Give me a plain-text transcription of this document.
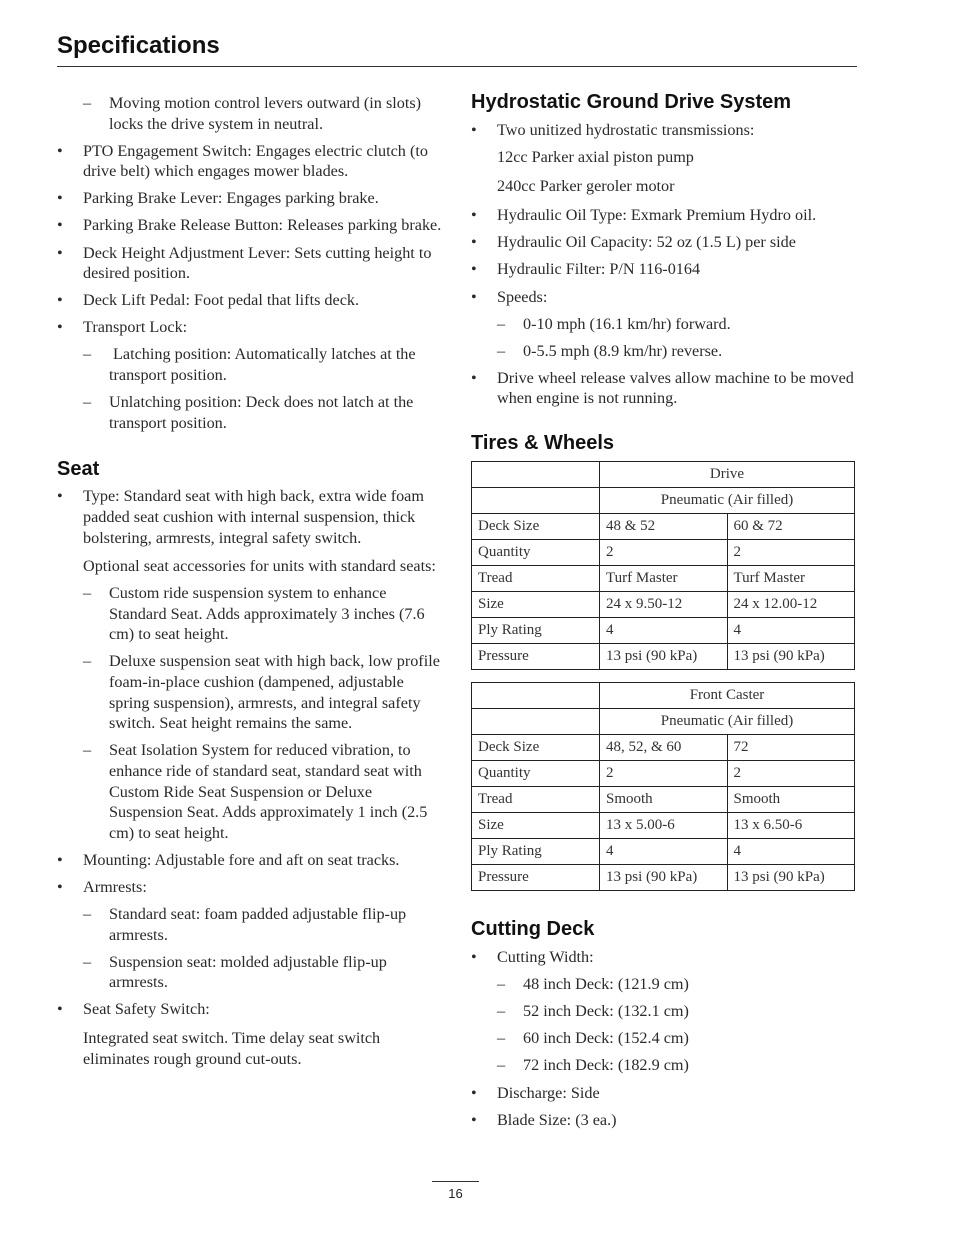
Specifications
–	Moving motion control levers outward (in slots) locks the drive system in neutral.
•	PTO Engagement Switch: Engages electric clutch (to drive belt) which engages mower blades.
•	Parking Brake Lever: Engages parking brake.
•	Parking Brake Release Button: Releases parking brake.
•	Deck Height Adjustment Lever: Sets cutting height to desired position.
•	Deck Lift Pedal: Foot pedal that lifts deck.
•	Transport Lock:
–	Latching position: Automatically latches at the transport position.
–	Unlatching position: Deck does not latch at the transport position.
Seat
•	Type: Standard seat with high back, extra wide foam padded seat cushion with internal suspension, thick bolstering, armrests, integral safety switch.
Optional seat accessories for units with standard seats:
–	Custom ride suspension system to enhance Standard Seat. Adds approximately 3 inches (7.6 cm) to seat height.
–	Deluxe suspension seat with high back, low profile foam-in-place cushion (dampened, adjustable spring suspension), armrests, and integral safety switch. Seat height remains the same.
–	Seat Isolation System for reduced vibration, to enhance ride of standard seat, standard seat with Custom Ride Seat Suspension or Deluxe Suspension Seat. Adds approximately 1 inch (2.5 cm) to seat height.
•	Mounting: Adjustable fore and aft on seat tracks.
•	Armrests:
–	Standard seat: foam padded adjustable flip-up armrests.
–	Suspension seat: molded adjustable flip-up armrests.
•	Seat Safety Switch:
Integrated seat switch. Time delay seat switch eliminates rough ground cut-outs.
Hydrostatic Ground Drive System
•	Two unitized hydrostatic transmissions:
12cc Parker axial piston pump
240cc Parker geroler motor
•	Hydraulic Oil Type: Exmark Premium Hydro oil.
•	Hydraulic Oil Capacity: 52 oz (1.5 L) per side
•	Hydraulic Filter: P/N 116-0164
•	Speeds:
–	0-10 mph (16.1 km/hr) forward.
–	0-5.5 mph (8.9 km/hr) reverse.
•	Drive wheel release valves allow machine to be moved when engine is not running.
Tires & Wheels
	Drive	
	Pneumatic (Air filled)	
Deck Size	48 & 52	60 & 72
Quantity	2	2
Tread	Turf Master	Turf Master
Size	24 x 9.50-12	24 x 12.00-12
Ply Rating	4	4
Pressure	13 psi (90 kPa)	13 psi (90 kPa)
	Front Caster	
	Pneumatic (Air filled)	
Deck Size	48, 52, & 60	72
Quantity	2	2
Tread	Smooth	Smooth
Size	13 x 5.00-6	13 x 6.50-6
Ply Rating	4	4
Pressure	13 psi (90 kPa)	13 psi (90 kPa)
Cutting Deck
•	Cutting Width:
–	48 inch Deck: (121.9 cm)
–	52 inch Deck: (132.1 cm)
–	60 inch Deck: (152.4 cm)
–	72 inch Deck: (182.9 cm)
•	Discharge: Side
•	Blade Size: (3 ea.)
16
